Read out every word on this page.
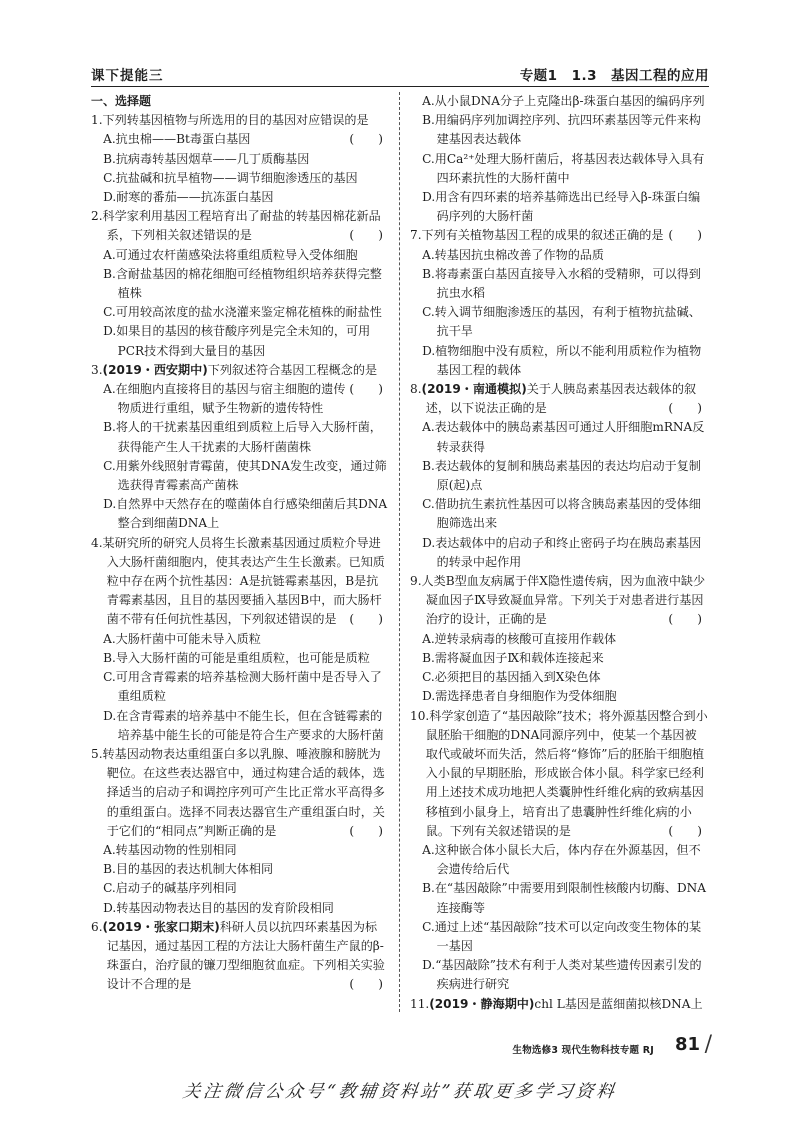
课下提能三	专题1　1.3　基因工程的应用

一、选择题

1.下列转基因植物与所选用的目的基因对应错误的是
(　　)

A.抗虫棉——Bt毒蛋白基因

B.抗病毒转基因烟草——几丁质酶基因

C.抗盐碱和抗旱植物——调节细胞渗透压的基因

D.耐寒的番茄——抗冻蛋白基因

2.科学家利用基因工程培育出了耐盐的转基因棉花新品系，下列相关叙述错误的是	(　　)

A.可通过农杆菌感染法将重组质粒导入受体细胞

B.含耐盐基因的棉花细胞可经植物组织培养获得完整植株

C.可用较高浓度的盐水浇灌来鉴定棉花植株的耐盐性

D.如果目的基因的核苷酸序列是完全未知的，可用PCR技术得到大量目的基因

3.(2019・西安期中)下列叙述符合基因工程概念的是
(　　)

A.在细胞内直接将目的基因与宿主细胞的遗传物质进行重组，赋予生物新的遗传特性

B.将人的干扰素基因重组到质粒上后导入大肠杆菌，获得能产生人干扰素的大肠杆菌菌株

C.用紫外线照射青霉菌，使其DNA发生改变，通过筛选获得青霉素高产菌株

D.自然界中天然存在的噬菌体自行感染细菌后其DNA整合到细菌DNA上

4.某研究所的研究人员将生长激素基因通过质粒介导进入大肠杆菌细胞内，使其表达产生生长激素。已知质粒中存在两个抗性基因：A是抗链霉素基因，B是抗青霉素基因，且目的基因要插入基因B中，而大肠杆菌不带有任何抗性基因，下列叙述错误的是 (　　)

A.大肠杆菌中可能未导入质粒

B.导入大肠杆菌的可能是重组质粒，也可能是质粒

C.可用含青霉素的培养基检测大肠杆菌中是否导入了重组质粒

D.在含青霉素的培养基中不能生长，但在含链霉素的培养基中能生长的可能是符合生产要求的大肠杆菌

5.转基因动物表达重组蛋白多以乳腺、唾液腺和膀胱为靶位。在这些表达器官中，通过构建合适的载体，选择适当的启动子和调控序列可产生比正常水平高得多的重组蛋白。选择不同表达器官生产重组蛋白时，关于它们的“相同点”判断正确的是	(　　)

A.转基因动物的性别相同

B.目的基因的表达机制大体相同

C.启动子的碱基序列相同

D.转基因动物表达目的基因的发育阶段相同

6.(2019・张家口期末)科研人员以抗四环素基因为标记基因，通过基因工程的方法让大肠杆菌生产鼠的β-珠蛋白，治疗鼠的镰刀型细胞贫血症。下列相关实验设计不合理的是	(　　)

A.从小鼠DNA分子上克隆出β-珠蛋白基因的编码序列

B.用编码序列加调控序列、抗四环素基因等元件来构建基因表达载体

C.用Ca²⁺处理大肠杆菌后，将基因表达载体导入具有四环素抗性的大肠杆菌中

D.用含有四环素的培养基筛选出已经导入β-珠蛋白编码序列的大肠杆菌

7.下列有关植物基因工程的成果的叙述正确的是 (　　)

A.转基因抗虫棉改善了作物的品质

B.将毒素蛋白基因直接导入水稻的受精卵，可以得到抗虫水稻

C.转入调节细胞渗透压的基因，有利于植物抗盐碱、抗干旱

D.植物细胞中没有质粒，所以不能利用质粒作为植物基因工程的载体

8.(2019・南通模拟)关于人胰岛素基因表达载体的叙述，以下说法正确的是	(　　)

A.表达载体中的胰岛素基因可通过人肝细胞mRNA反转录获得

B.表达载体的复制和胰岛素基因的表达均启动于复制原(起)点

C.借助抗生素抗性基因可以将含胰岛素基因的受体细胞筛选出来

D.表达载体中的启动子和终止密码子均在胰岛素基因的转录中起作用

9.人类B型血友病属于伴X隐性遗传病，因为血液中缺少凝血因子Ⅸ导致凝血异常。下列关于对患者进行基因治疗的设计，正确的是	(　　)

A.逆转录病毒的核酸可直接用作载体

B.需将凝血因子Ⅸ和载体连接起来

C.必须把目的基因插入到X染色体

D.需选择患者自身细胞作为受体细胞

10.科学家创造了“基因敲除”技术；将外源基因整合到小鼠胚胎干细胞的DNA同源序列中，使某一个基因被取代或破坏而失活，然后将“修饰”后的胚胎干细胞植入小鼠的早期胚胎，形成嵌合体小鼠。科学家已经利用上述技术成功地把人类囊肿性纤维化病的致病基因移植到小鼠身上，培育出了患囊肿性纤维化病的小鼠。下列有关叙述错误的是	(　　)

A.这种嵌合体小鼠长大后，体内存在外源基因，但不会遗传给后代

B.在“基因敲除”中需要用到限制性核酸内切酶、DNA连接酶等

C.通过上述“基因敲除”技术可以定向改变生物体的某一基因

D.“基因敲除”技术有利于人类对某些遗传因素引发的疾病进行研究

11.(2019・静海期中)chl L基因是蓝细菌拟核DNA上

生物选修3 现代生物科技专题 RJ 81 /
关注微信公众号“教辅资料站”获取更多学习资料
